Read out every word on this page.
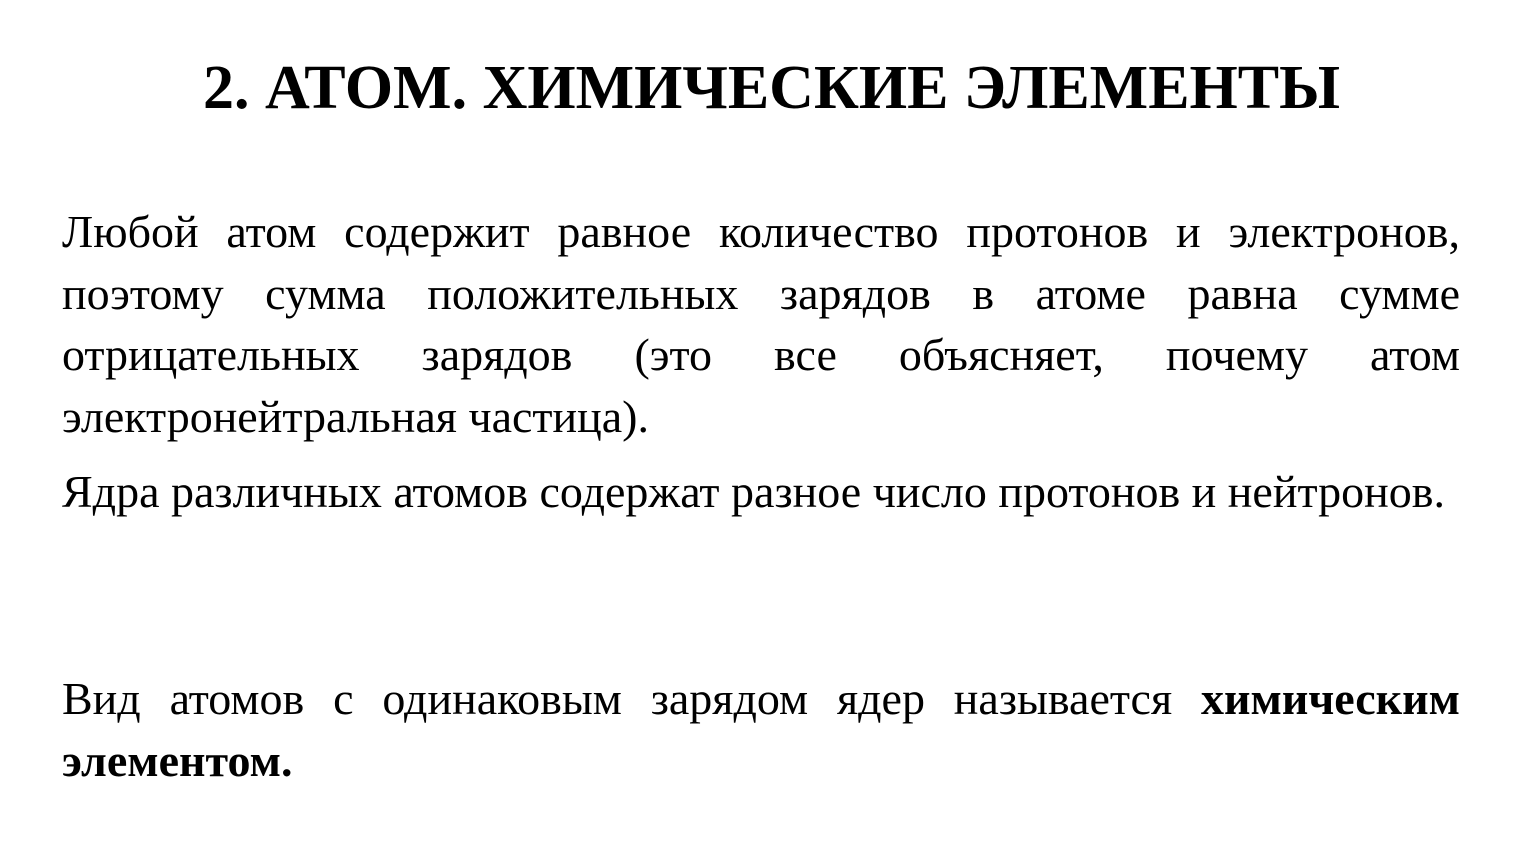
2. АТОМ. ХИМИЧЕСКИЕ ЭЛЕМЕНТЫ

Любой атом содержит равное количество протонов и электронов, поэтому сумма положительных зарядов в атоме равна сумме отрицательных зарядов (это все объясняет, почему атом электронейтральная частица).

Ядра различных атомов содержат разное число протонов и нейтронов.

Вид атомов с одинаковым зарядом ядер называется химическим элементом.
